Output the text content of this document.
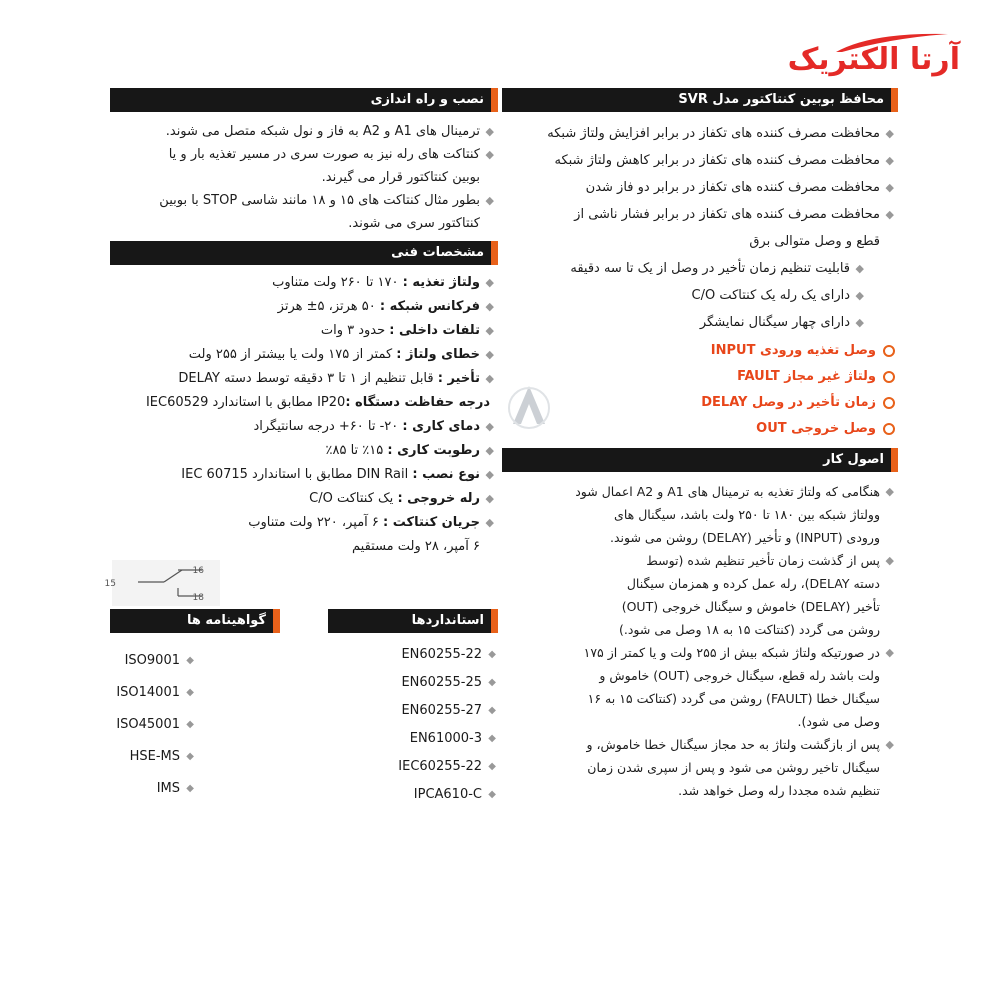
آرتا الکتریک
محافظ بوبین کنتاکتور مدل SVR
◆
محافظت مصرف کننده های تکفاز در برابر افزایش ولتاژ شبکه
◆
محافظت مصرف کننده های تکفاز در برابر کاهش ولتاژ شبکه
◆
محافظت مصرف کننده های تکفاز در برابر دو فاز شدن
◆
محافظت مصرف کننده های تکفاز در برابر فشار ناشی از
قطع و وصل متوالی برق
◆
قابلیت تنظیم زمان تأخیر در وصل از یک تا سه دقیقه
◆
دارای یک رله یک کنتاکت C/O
◆
دارای چهار سیگنال نمایشگر
وصل تغذیه ورودی INPUT
ولتاژ غیر مجاز FAULT
زمان تأخیر در وصل DELAY
وصل خروجی OUT
اصول کار
◆
هنگامی که ولتاژ تغذیه به ترمینال های A1 و A2 اعمال شود
وولتاژ شبکه بین ۱۸۰ تا ۲۵۰ ولت باشد، سیگنال های
ورودی (INPUT) و تأخیر (DELAY) روشن می شوند.
◆
پس از گذشت زمان تأخیر تنظیم شده (توسط
دسته DELAY)، رله عمل کرده و همزمان سیگنال
تأخیر (DELAY) خاموش و سیگنال خروجی (OUT)
روشن می گردد (کنتاکت ۱۵ به ۱۸ وصل می شود.)
◆
در صورتیکه ولتاژ شبکه بیش از ۲۵۵ ولت و یا کمتر از ۱۷۵
ولت باشد رله قطع، سیگنال خروجی (OUT) خاموش و
سیگنال خطا (FAULT) روشن می گردد (کنتاکت ۱۵ به ۱۶
وصل می شود).
◆
پس از بازگشت ولتاژ به حد مجاز سیگنال خطا خاموش، و
سیگنال تاخیر روشن می شود و پس از سپری شدن زمان
تنظیم شده مجددا رله وصل خواهد شد.
نصب و راه اندازی
◆
ترمینال های A1 و A2 به فاز و نول شبکه متصل می شوند.
◆
کنتاکت های رله نیز به صورت سری در مسیر تغذیه بار و یا
بوبین کنتاکتور قرار می گیرند.
◆
بطور مثال کنتاکت های ۱۵ و ۱۸ مانند شاسی STOP با بوبین
کنتاکتور سری می شوند.
مشخصات فنی
◆
ولتاژ تغذیه : ۱۷۰ تا ۲۶۰ ولت متناوب
◆
فرکانس شبکه : ۵۰ هرتز، ۵± هرتز
◆
تلفات داخلی : حدود ۳ وات
◆
خطای ولتاژ : کمتر از ۱۷۵ ولت یا بیشتر از ۲۵۵ ولت
◆
تأخیر : قابل تنظیم از ۱ تا ۳ دقیقه توسط دسته DELAY
درجه حفاظت دستگاه :IP20 مطابق با استاندارد IEC60529
◆
دمای کاری : ۲۰- تا ۶۰+ درجه سانتیگراد
◆
رطوبت کاری : ۱۵٪ تا ۸۵٪
◆
نوع نصب : DIN Rail مطابق با استاندارد IEC 60715
◆
رله خروجی : یک کنتاکت C/O
◆
جریان کنتاکت : ۶ آمپر، ۲۲۰ ولت متناوب
۶ آمپر، ۲۸ ولت مستقیم
15
16
18
استانداردها
◆
EN60255-22
◆
EN60255-25
◆
EN60255-27
◆
EN61000-3
◆
IEC60255-22
◆
IPCA610-C
گواهینامه ها
◆
ISO9001
◆
ISO14001
◆
ISO45001
◆
HSE-MS
◆
IMS
